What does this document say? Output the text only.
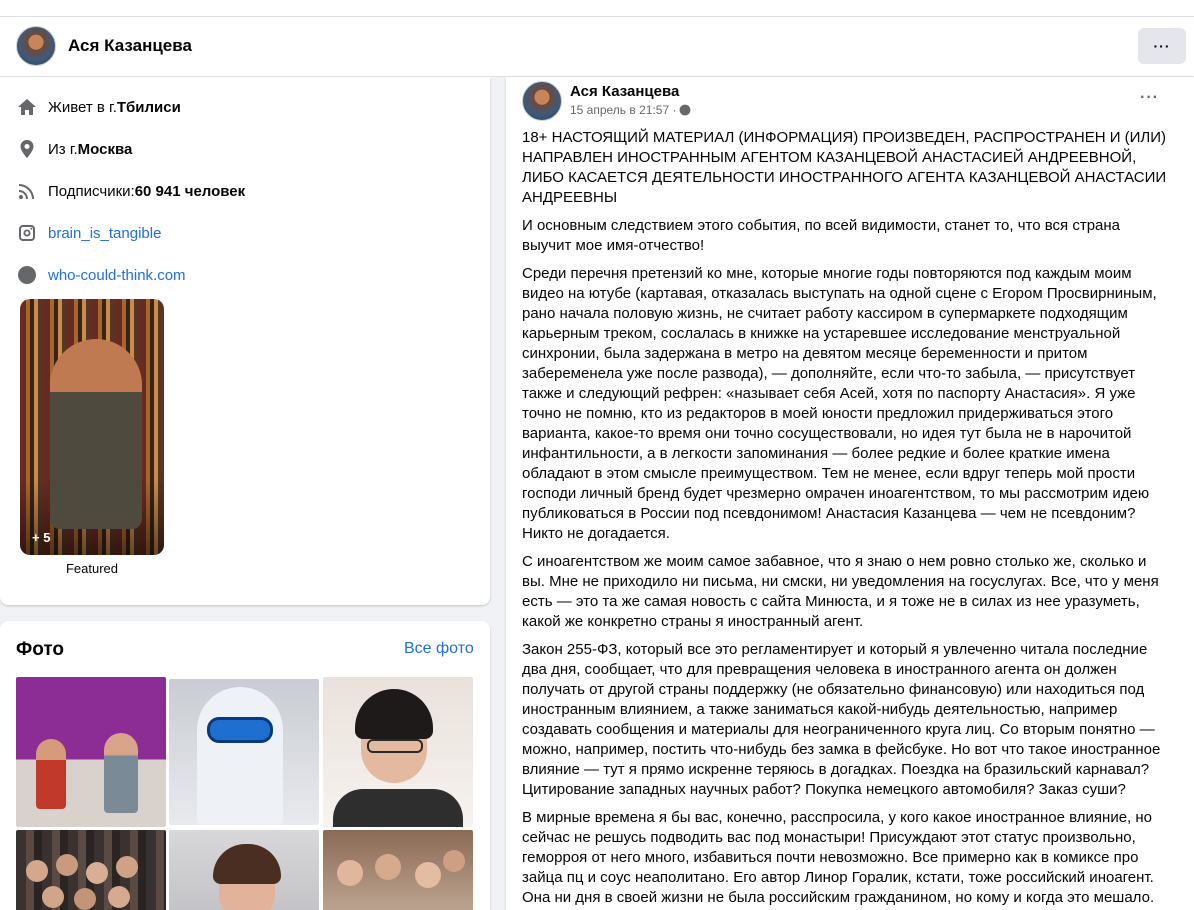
Ася Казанцева	···
Живет в г. Тбилиси
Из г. Москва
Подписчики: 60 941 человек
brain_is_tangible
who-could-think.com
+ 5
Featured
Фото	Все фото
Ася Казанцева
15 апрель в 21:57 ·
···

18+ НАСТОЯЩИЙ МАТЕРИАЛ (ИНФОРМАЦИЯ) ПРОИЗВЕДЕН, РАСПРОСТРАНЕН И (ИЛИ) НАПРАВЛЕН ИНОСТРАННЫМ АГЕНТОМ КАЗАНЦЕВОЙ АНАСТАСИЕЙ АНДРЕЕВНОЙ, ЛИБО КАСАЕТСЯ ДЕЯТЕЛЬНОСТИ ИНОСТРАННОГО АГЕНТА КАЗАНЦЕВОЙ АНАСТАСИИ АНДРЕЕВНЫ

И основным следствием этого события, по всей видимости, станет то, что вся страна выучит мое имя-отчество!

Среди перечня претензий ко мне, которые многие годы повторяются под каждым моим видео на ютубе (картавая, отказалась выступать на одной сцене с Егором Просвирниным, рано начала половую жизнь, не считает работу кассиром в супермаркете подходящим карьерным треком, сослалась в книжке на устаревшее исследование менструальной синхронии, была задержана в метро на девятом месяце беременности и притом забеременела уже после развода), — дополняйте, если что-то забыла, — присутствует также и следующий рефрен: «называет себя Асей, хотя по паспорту Анастасия». Я уже точно не помню, кто из редакторов в моей юности предложил придерживаться этого варианта, какое-то время они точно сосуществовали, но идея тут была не в нарочитой инфантильности, а в легкости запоминания — более редкие и более краткие имена обладают в этом смысле преимуществом. Тем не менее, если вдруг теперь мой прости господи личный бренд будет чрезмерно омрачен иноагентством, то мы рассмотрим идею публиковаться в России под псевдонимом! Анастасия Казанцева — чем не псевдоним? Никто не догадается.

С иноагентством же моим самое забавное, что я знаю о нем ровно столько же, сколько и вы. Мне не приходило ни письма, ни смски, ни уведомления на госуслугах. Все, что у меня есть — это та же самая новость с сайта Минюста, и я тоже не в силах из нее уразуметь, какой же конкретно страны я иностранный агент.

Закон 255-ФЗ, который все это регламентирует и который я увлеченно читала последние два дня, сообщает, что для превращения человека в иностранного агента он должен получать от другой страны поддержку (не обязательно финансовую) или находиться под иностранным влиянием, а также заниматься какой-нибудь деятельностью, например создавать сообщения и материалы для неограниченного круга лиц. Со вторым понятно — можно, например, постить что-нибудь без замка в фейсбуке. Но вот что такое иностранное влияние — тут я прямо искренне теряюсь в догадках. Поездка на бразильский карнавал? Цитирование западных научных работ? Покупка немецкого автомобиля? Заказ суши?

В мирные времена я бы вас, конечно, расспросила, у кого какое иностранное влияние, но сейчас не решусь подводить вас под монастыри! Присуждают этот статус произвольно, геморроя от него много, избавиться почти невозможно. Все примерно как в комиксе про зайца пц и соус неаполитано. Его автор Линор Горалик, кстати, тоже российский иноагент. Она ни дня в своей жизни не была российским гражданином, но кому и когда это мешало.
